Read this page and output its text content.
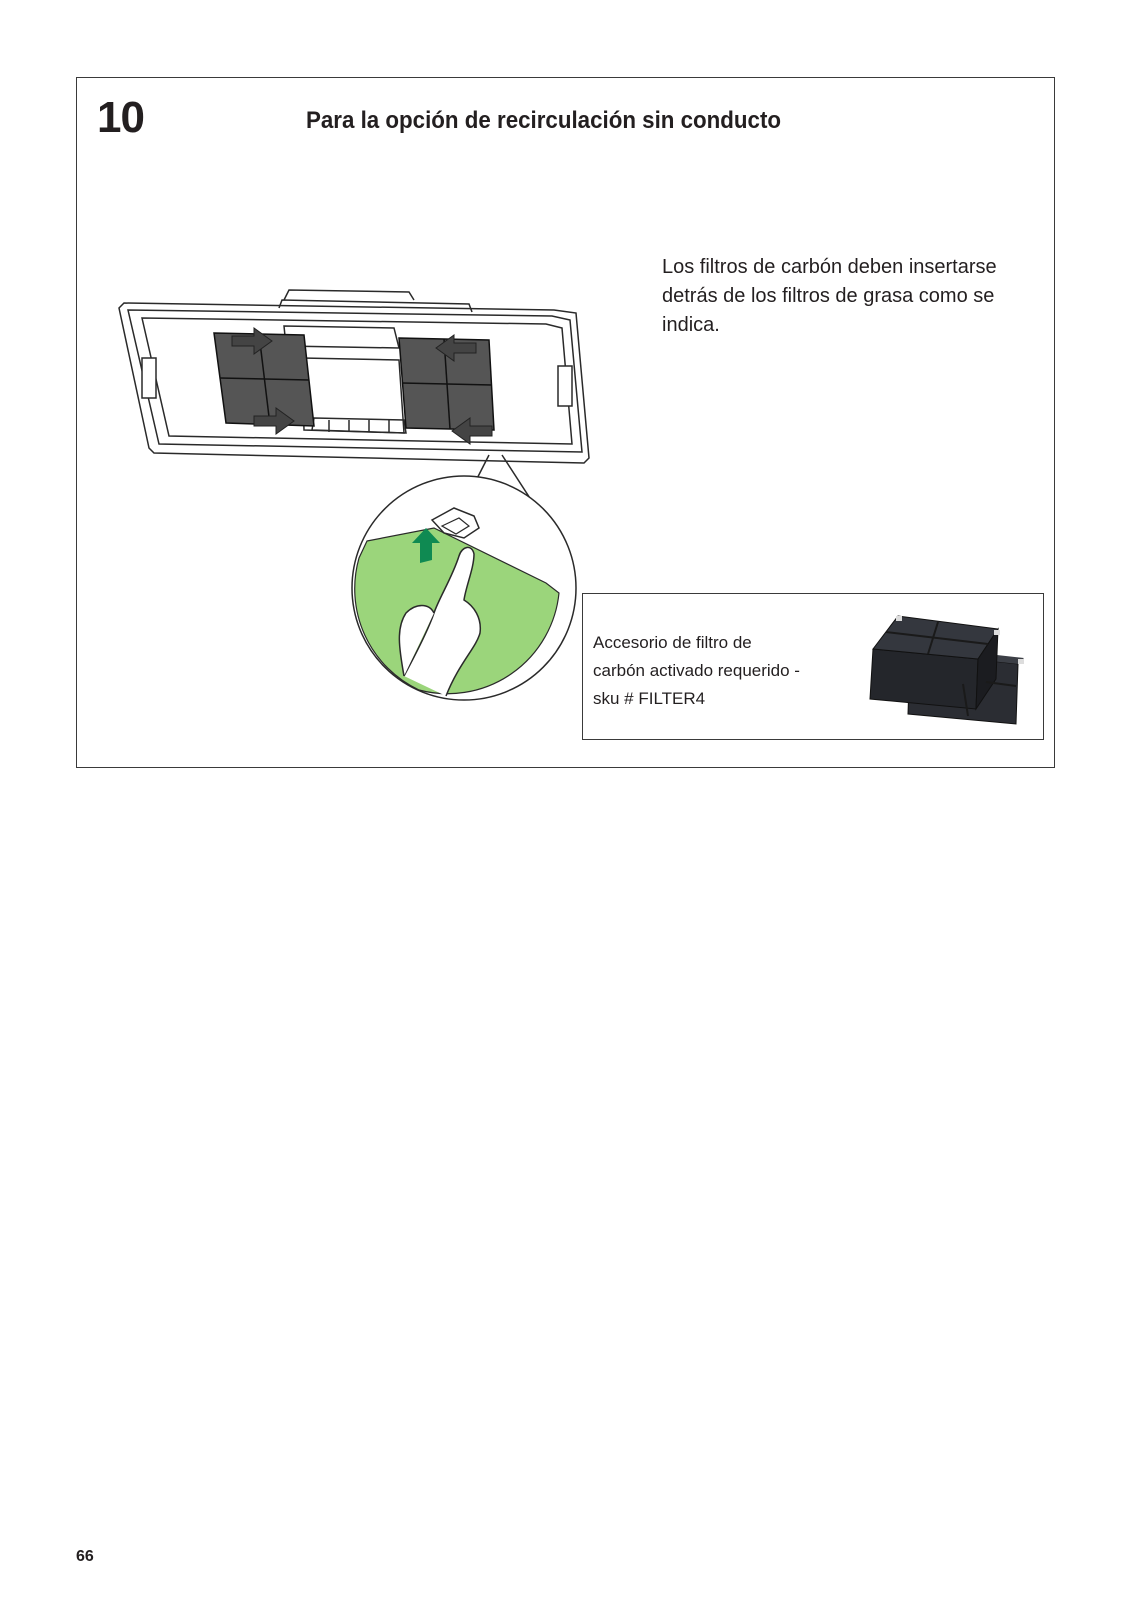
10	Para la opción de recirculación sin conducto
Los filtros de carbón deben insertarse detrás de los filtros de grasa como se indica.
Accesorio de filtro de
carbón activado requerido -
sku # FILTER4
66
